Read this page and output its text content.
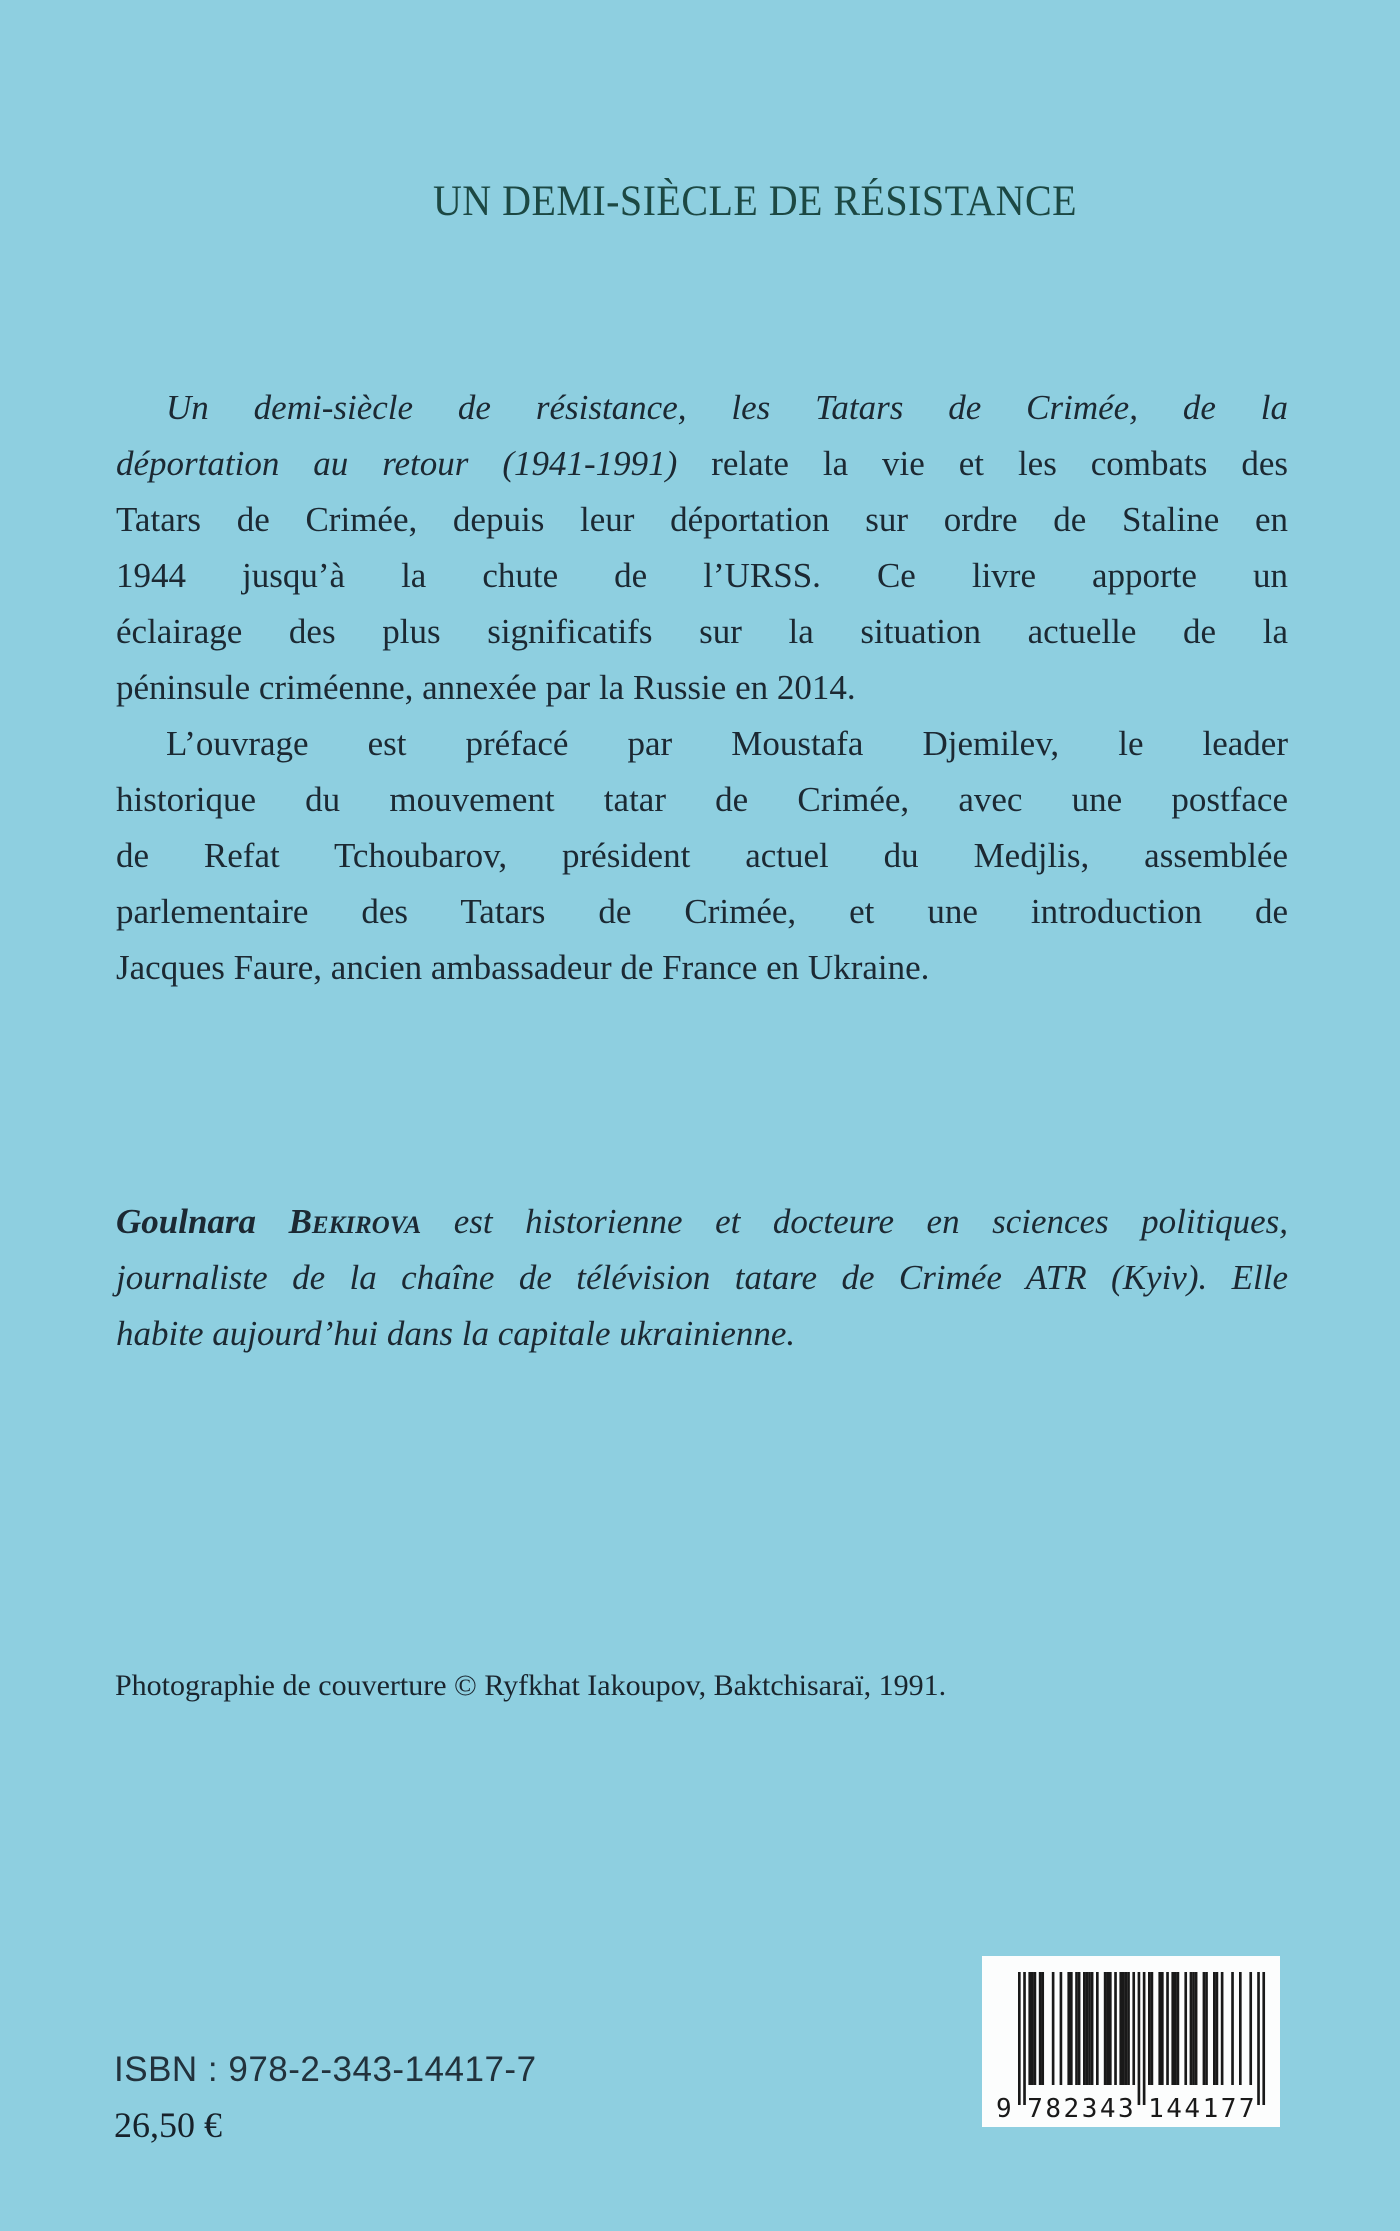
UN DEMI-SIÈCLE DE RÉSISTANCE
Un demi-siècle de résistance, les Tatars de Crimée, de la
déportation au retour (1941-1991) relate la vie et les combats des
Tatars de Crimée, depuis leur déportation sur ordre de Staline en
1944 jusqu’à la chute de l’URSS. Ce livre apporte un
éclairage des plus significatifs sur la situation actuelle de la
péninsule criméenne, annexée par la Russie en 2014.
L’ouvrage est préfacé par Moustafa Djemilev, le leader
historique du mouvement tatar de Crimée, avec une postface
de Refat Tchoubarov, président actuel du Medjlis, assemblée
parlementaire des Tatars de Crimée, et une introduction de
Jacques Faure, ancien ambassadeur de France en Ukraine.
Goulnara Bekirova est historienne et docteure en sciences politiques,
journaliste de la chaîne de télévision tatare de Crimée ATR (Kyiv). Elle
habite aujourd’hui dans la capitale ukrainienne.
Photographie de couverture © Ryfkhat Iakoupov, Baktchisaraï, 1991.
9 782343 144177
ISBN : 978-2-343-14417-7
26,50 €
